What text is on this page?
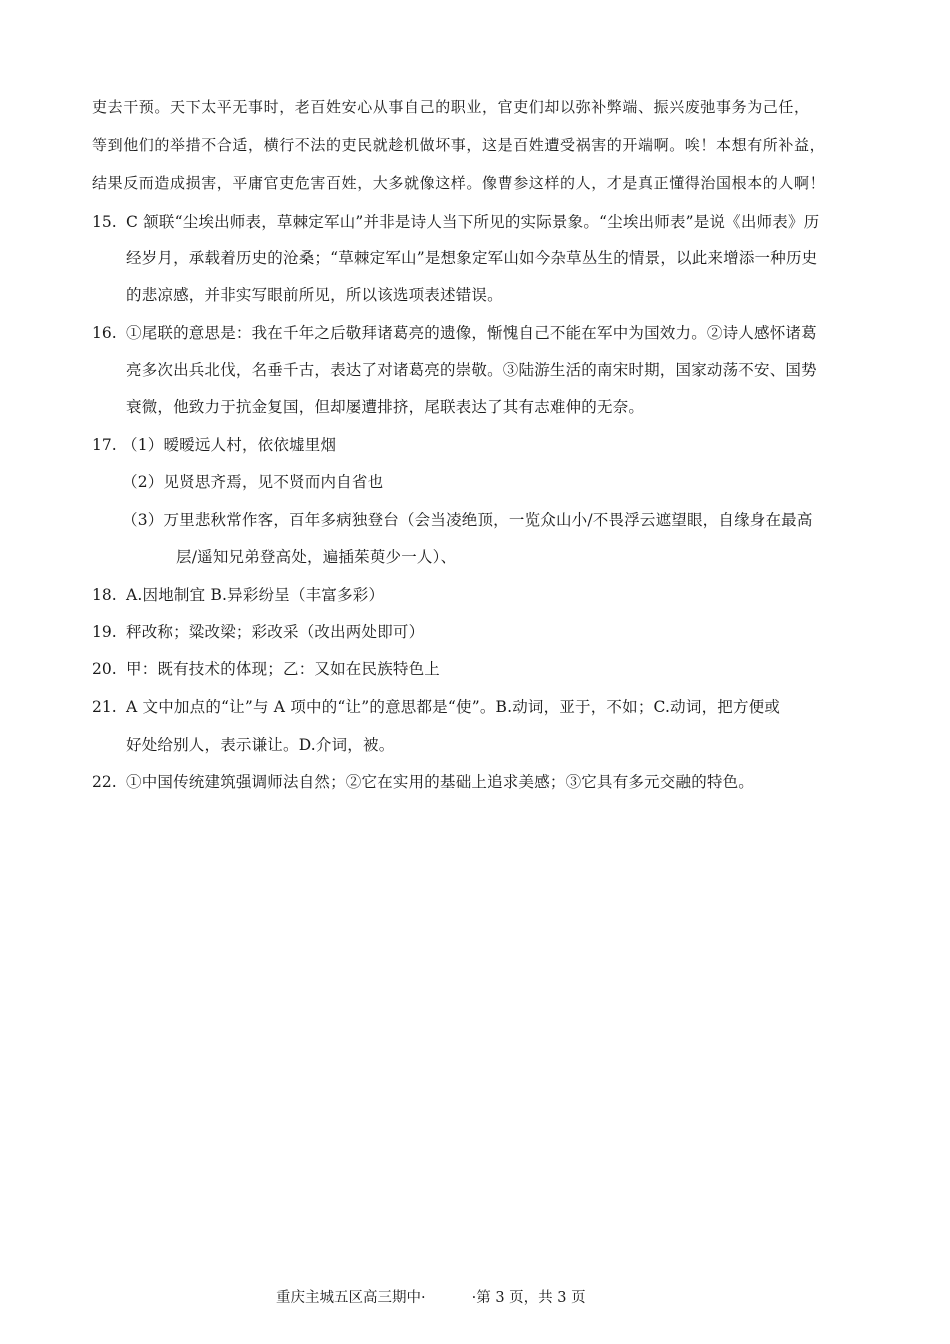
吏去干预。天下太平无事时，老百姓安心从事自己的职业，官吏们却以弥补弊端、振兴废弛事务为己任，
等到他们的举措不合适，横行不法的吏民就趁机做坏事，这是百姓遭受祸害的开端啊。唉！本想有所补益，
结果反而造成损害，平庸官吏危害百姓，大多就像这样。像曹参这样的人，才是真正懂得治国根本的人啊！
15. C 颔联“尘埃出师表，草棘定军山”并非是诗人当下所见的实际景象。“尘埃出师表”是说《出师表》历
经岁月，承载着历史的沧桑；“草棘定军山”是想象定军山如今杂草丛生的情景，以此来增添一种历史
的悲凉感，并非实写眼前所见，所以该选项表述错误。
16. ①尾联的意思是：我在千年之后敬拜诸葛亮的遗像，惭愧自己不能在军中为国效力。②诗人感怀诸葛
亮多次出兵北伐，名垂千古，表达了对诸葛亮的崇敬。③陆游生活的南宋时期，国家动荡不安、国势
衰微，他致力于抗金复国，但却屡遭排挤，尾联表达了其有志难伸的无奈。
17. （1）暧暧远人村，依依墟里烟
（2）见贤思齐焉，见不贤而内自省也
（3）万里悲秋常作客，百年多病独登台（会当凌绝顶，一览众山小/不畏浮云遮望眼，自缘身在最高
层/遥知兄弟登高处，遍插茱萸少一人）、
18. A.因地制宜 B.异彩纷呈（丰富多彩）
19. 秤改称；粱改梁；彩改采（改出两处即可）
20. 甲：既有技术的体现；乙：又如在民族特色上
21. A 文中加点的“让”与 A 项中的“让”的意思都是“使”。B.动词，亚于，不如；C.动词，把方便或
好处给别人，表示谦让。D.介词，被。
22. ①中国传统建筑强调师法自然；②它在实用的基础上追求美感；③它具有多元交融的特色。
重庆主城五区高三期中·	·第 3 页，共 3 页
